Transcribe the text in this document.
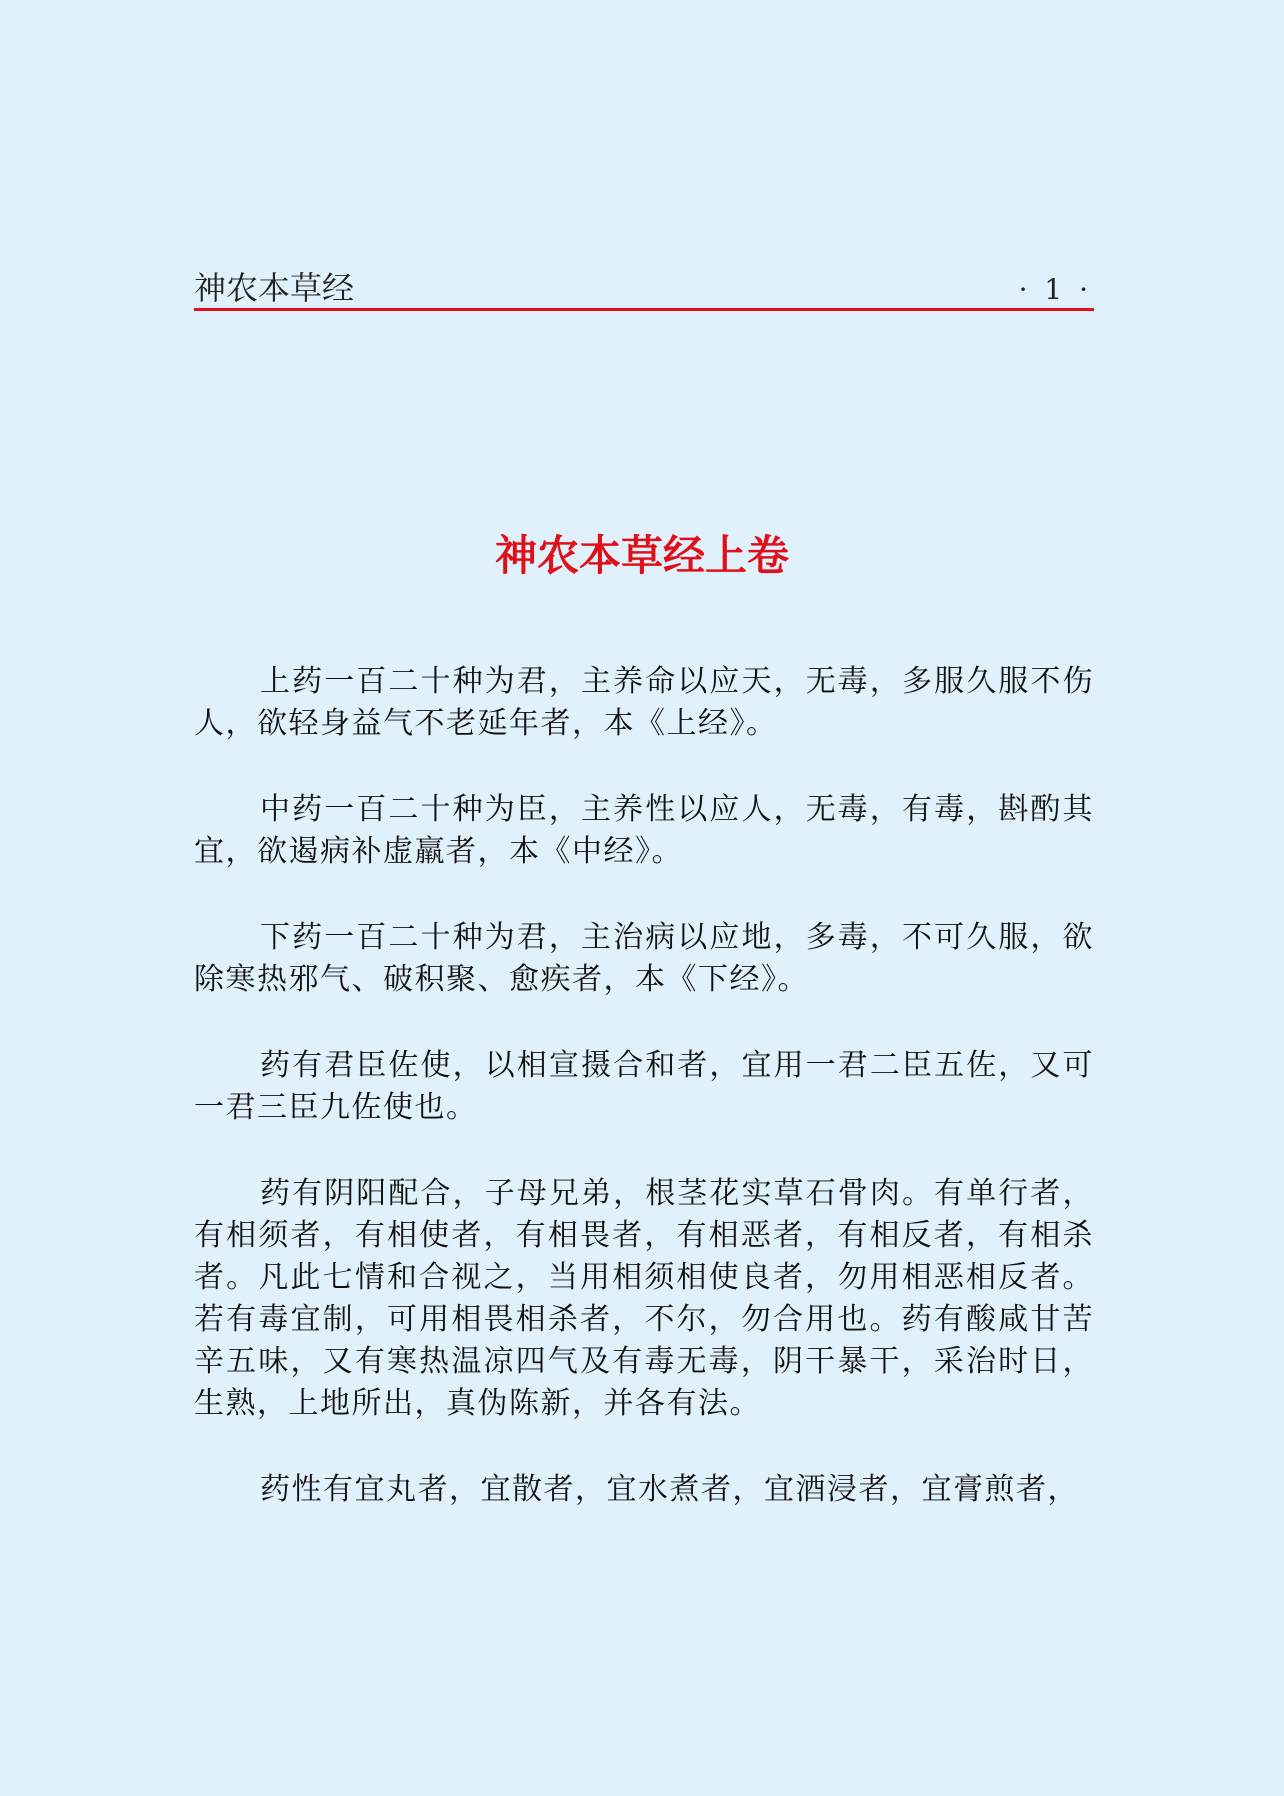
神农本草经	· 1 ·
神农本草经上卷

上药一百二十种为君，主养命以应天，无毒，多服久服不伤人，欲轻身益气不老延年者，本《上经》。

中药一百二十种为臣，主养性以应人，无毒，有毒，斟酌其宜，欲遏病补虚羸者，本《中经》。

下药一百二十种为君，主治病以应地，多毒，不可久服，欲除寒热邪气、破积聚、愈疾者，本《下经》。

药有君臣佐使，以相宣摄合和者，宜用一君二臣五佐，又可一君三臣九佐使也。

药有阴阳配合，子母兄弟，根茎花实草石骨肉。有单行者，有相须者，有相使者，有相畏者，有相恶者，有相反者，有相杀者。凡此七情和合视之，当用相须相使良者，勿用相恶相反者。若有毒宜制，可用相畏相杀者，不尔，勿合用也。药有酸咸甘苦辛五味，又有寒热温凉四气及有毒无毒，阴干暴干，采治时日，生熟，上地所出，真伪陈新，并各有法。

药性有宜丸者，宜散者，宜水煮者，宜酒浸者，宜膏煎者，
